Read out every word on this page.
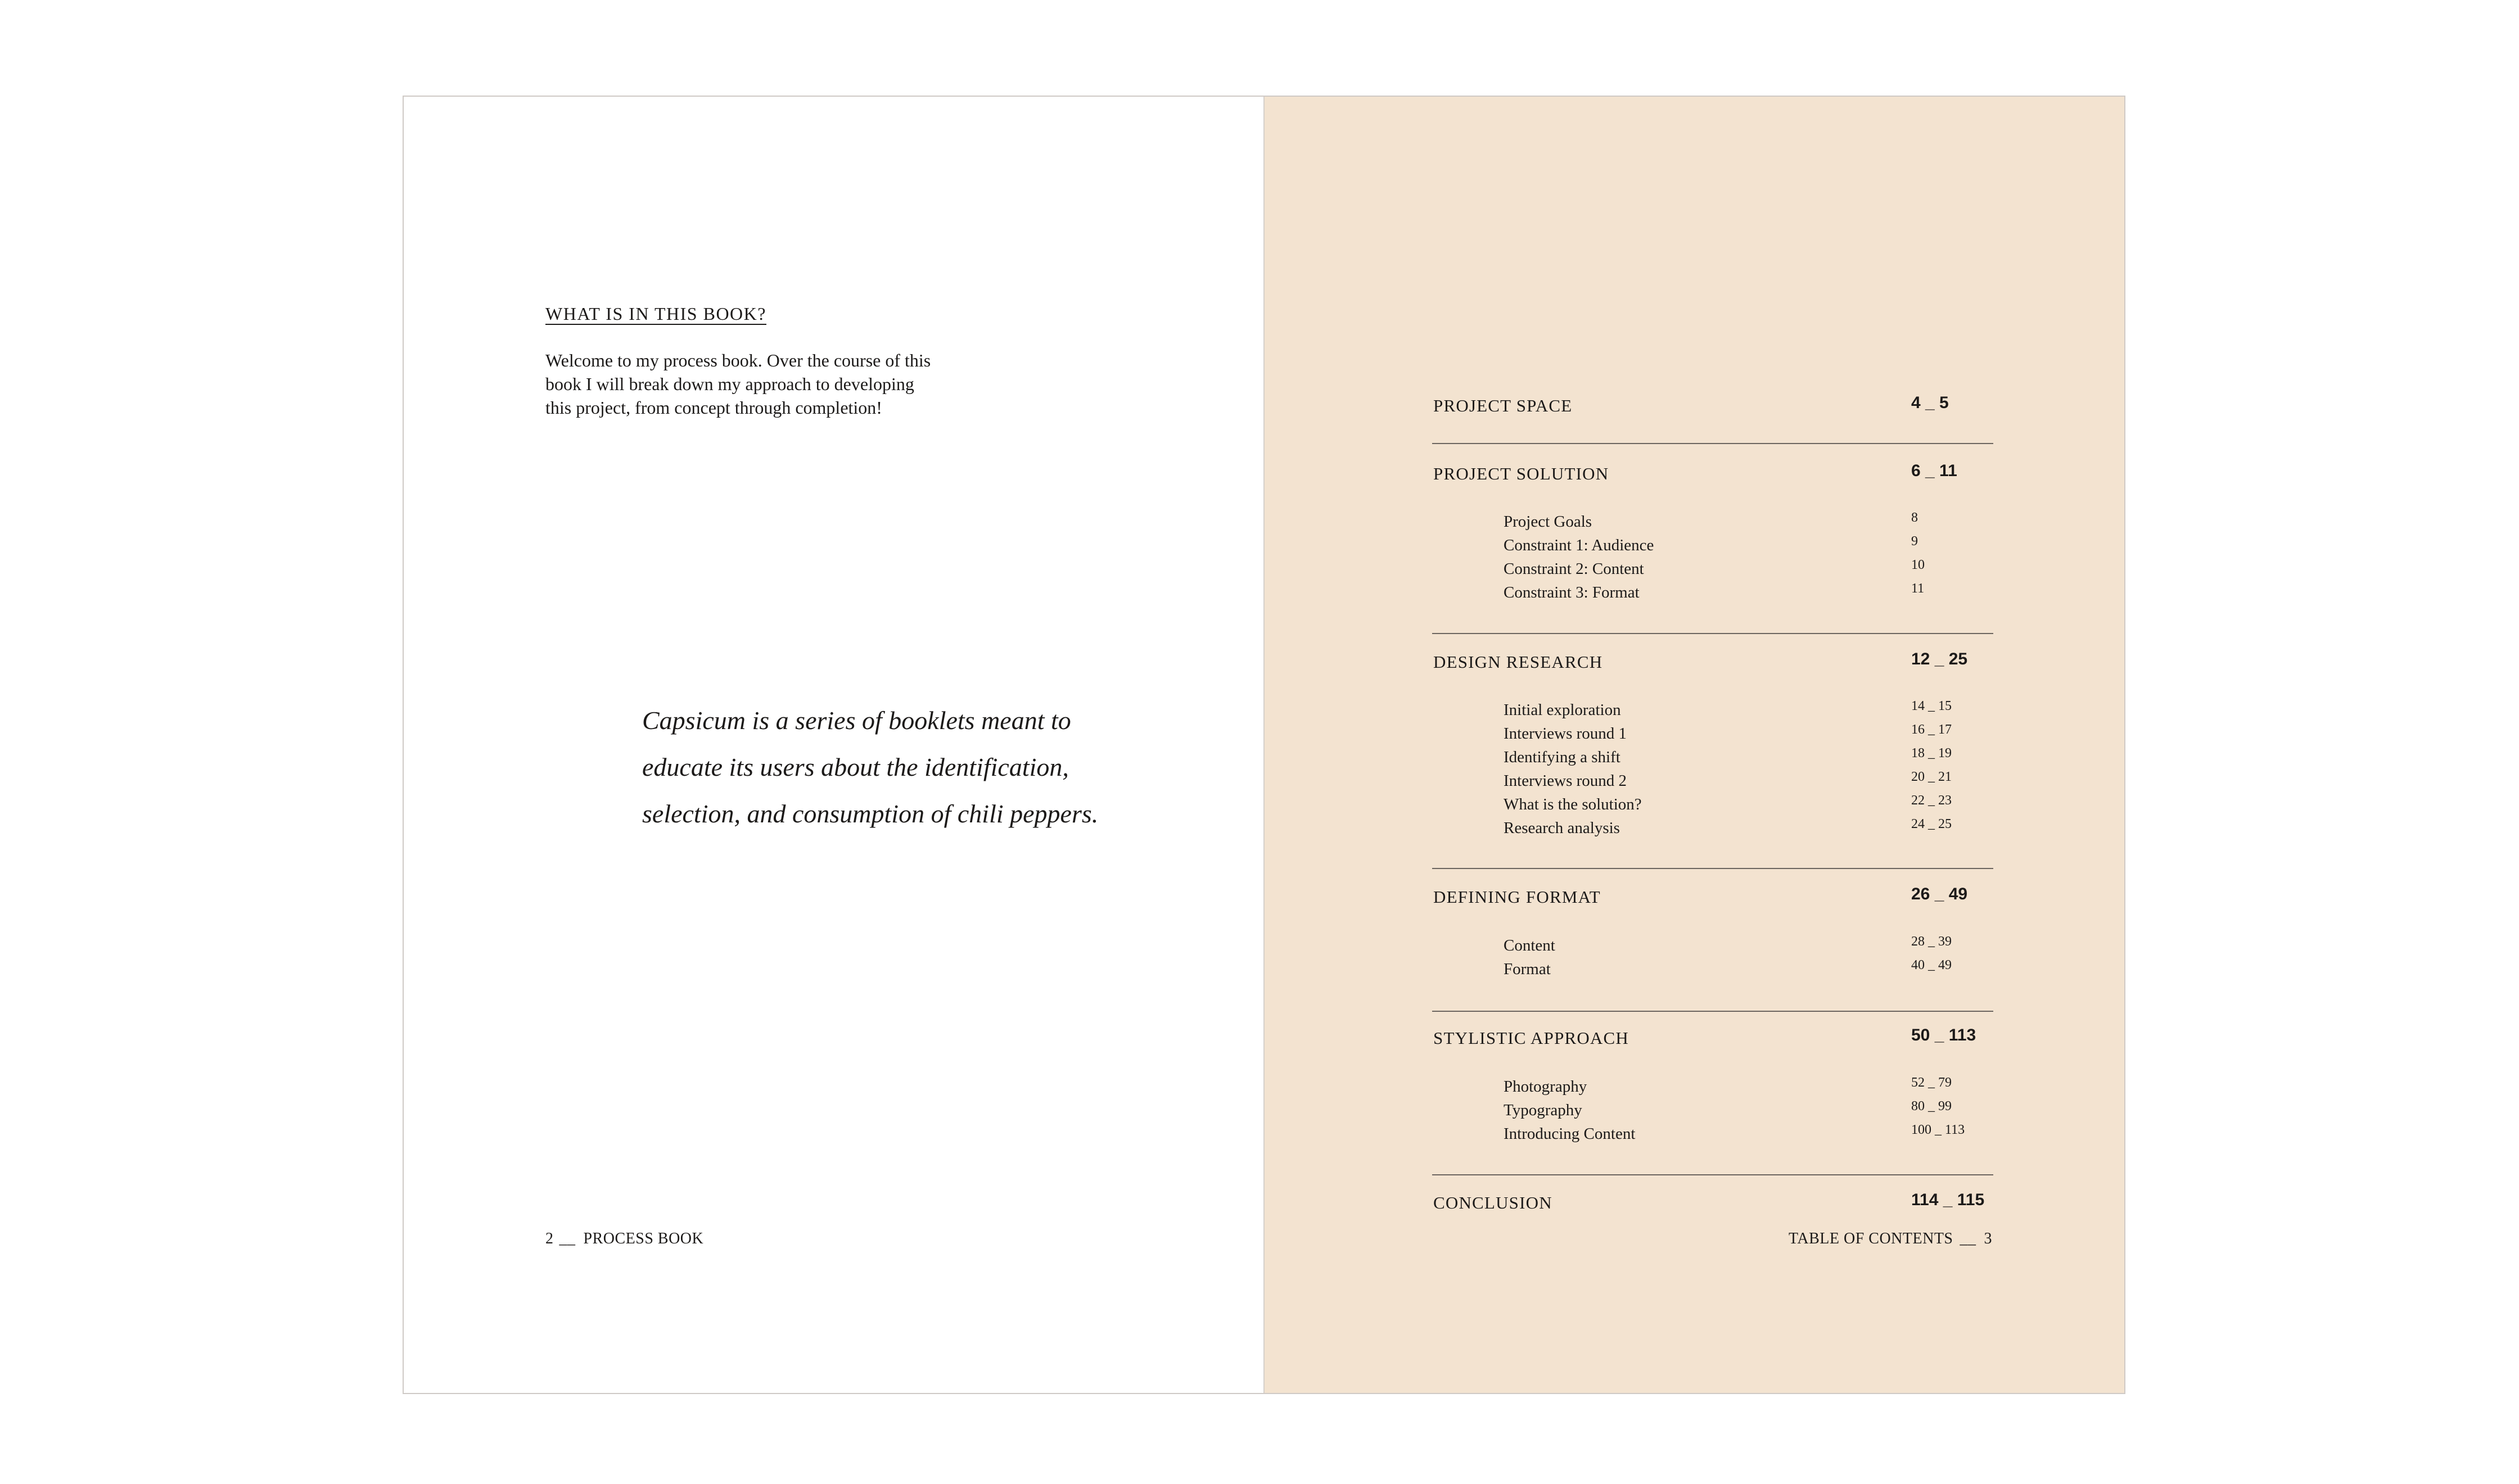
WHAT IS IN THIS BOOK?
Welcome to my process book. Over the course of this
book I will break down my approach to developing
this project, from concept through completion!
Capsicum is a series of booklets meant to
educate its users about the identification,
selection, and consumption of chili peppers.
2 __ PROCESS BOOK
PROJECT SPACE	4 _ 5
PROJECT SOLUTION	6 _ 11
Project Goals	8
Constraint 1: Audience	9
Constraint 2: Content	10
Constraint 3: Format	11
DESIGN RESEARCH	12 _ 25
Initial exploration	14 _ 15
Interviews round 1	16 _ 17
Identifying a shift	18 _ 19
Interviews round 2	20 _ 21
What is the solution?	22 _ 23
Research analysis	24 _ 25
DEFINING FORMAT	26 _ 49
Content	28 _ 39
Format	40 _ 49
STYLISTIC APPROACH	50 _ 113
Photography	52 _ 79
Typography	80 _ 99
Introducing Content	100 _ 113
CONCLUSION	114 _ 115
TABLE OF CONTENTS __ 3
